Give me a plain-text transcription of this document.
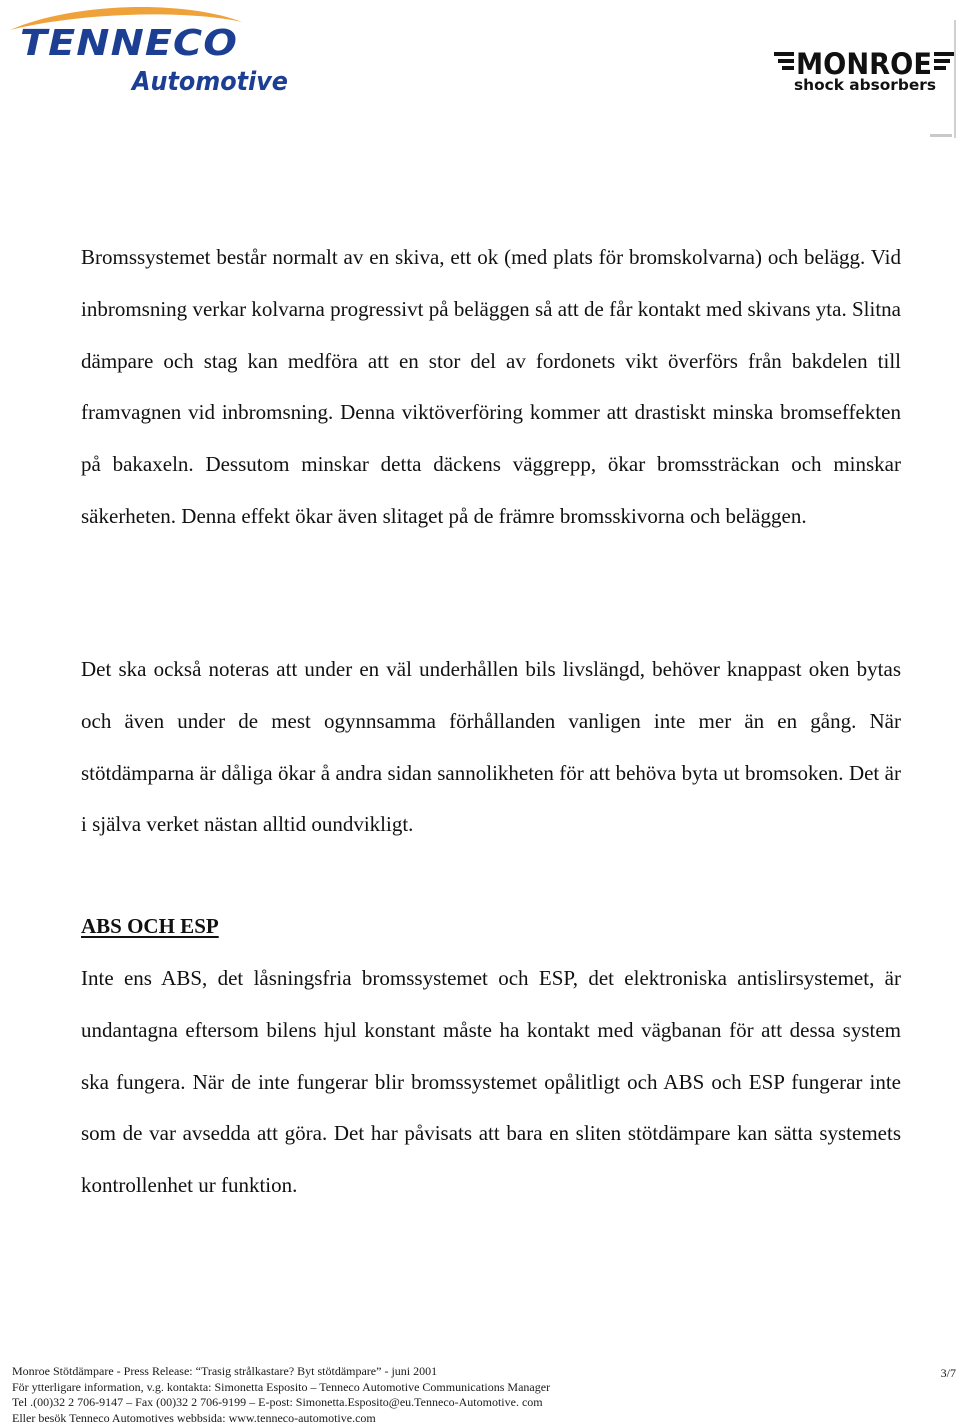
TENNECO
Automotive
MONROE
shock absorbers

Bromssystemet består normalt av en skiva, ett ok (med plats för bromskolvarna) och belägg. Vid inbromsning verkar kolvarna progressivt på beläggen så att de får kontakt med skivans yta. Slitna dämpare och stag kan medföra att en stor del av fordonets vikt överförs från bakdelen till framvagnen vid inbromsning. Denna viktöverföring kommer att drastiskt minska bromseffekten på bakaxeln. Dessutom minskar detta däckens väggrepp, ökar bromssträckan och minskar säkerheten. Denna effekt ökar även slitaget på de främre bromsskivorna och beläggen.

Det ska också noteras att under en väl underhållen bils livslängd, behöver knappast oken bytas och även under de mest ogynnsamma förhållanden vanligen inte mer än en gång. När stötdämparna är dåliga ökar å andra sidan sannolikheten för att behöva byta ut bromsoken. Det är i själva verket nästan alltid oundvikligt.

ABS OCH ESP

Inte ens ABS, det låsningsfria bromssystemet och ESP, det elektroniska antislirsystemet, är undantagna eftersom bilens hjul konstant måste ha kontakt med vägbanan för att dessa system ska fungera. När de inte fungerar blir bromssystemet opålitligt och ABS och ESP fungerar inte som de var avsedda att göra. Det har påvisats att bara en sliten stötdämpare kan sätta systemets kontrollenhet ur funktion.

Monroe Stötdämpare - Press Release: “Trasig strålkastare? Byt stötdämpare” - juni 2001
För ytterligare information, v.g. kontakta: Simonetta Esposito – Tenneco Automotive Communications Manager
Tel .(00)32 2 706-9147 – Fax (00)32 2 706-9199 – E-post: Simonetta.Esposito@eu.Tenneco-Automotive. com
Eller besök Tenneco Automotives webbsida: www.tenneco-automotive.com
3/7
